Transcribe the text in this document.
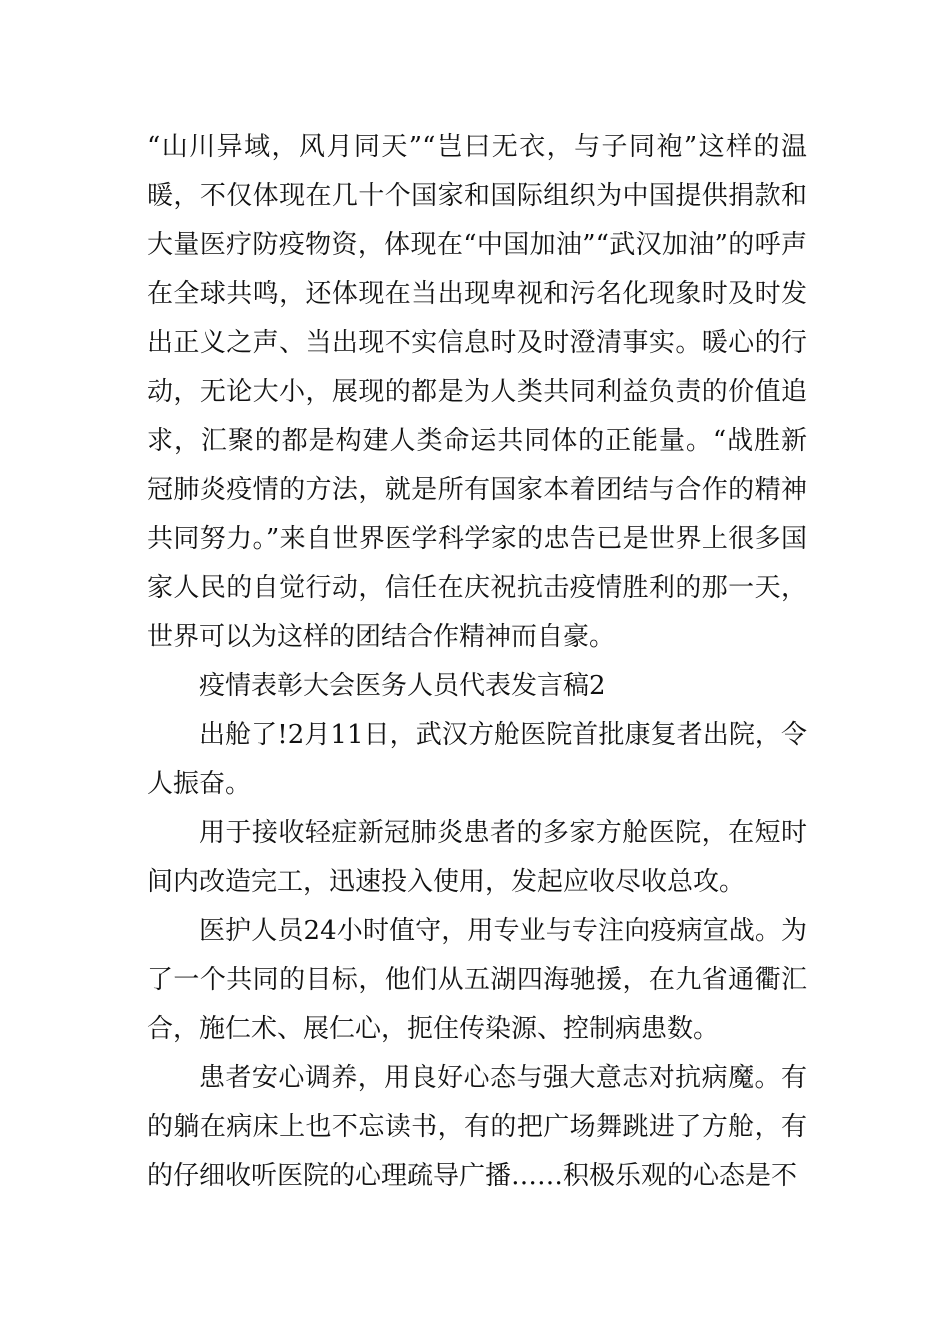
“山川异域，风月同天”“岂曰无衣，与子同袍”这样的温暖，不仅体现在几十个国家和国际组织为中国提供捐款和大量医疗防疫物资，体现在“中国加油”“武汉加油”的呼声在全球共鸣，还体现在当出现卑视和污名化现象时及时发出正义之声、当出现不实信息时及时澄清事实。暖心的行动，无论大小，展现的都是为人类共同利益负责的价值追求，汇聚的都是构建人类命运共同体的正能量。“战胜新冠肺炎疫情的方法，就是所有国家本着团结与合作的精神共同努力。”来自世界医学科学家的忠告已是世界上很多国家人民的自觉行动，信任在庆祝抗击疫情胜利的那一天，世界可以为这样的团结合作精神而自豪。

疫情表彰大会医务人员代表发言稿2

出舱了!2月11日，武汉方舱医院首批康复者出院，令人振奋。

用于接收轻症新冠肺炎患者的多家方舱医院，在短时间内改造完工，迅速投入使用，发起应收尽收总攻。

医护人员24小时值守，用专业与专注向疫病宣战。为了一个共同的目标，他们从五湖四海驰援，在九省通衢汇合，施仁术、展仁心，扼住传染源、控制病患数。

患者安心调养，用良好心态与强大意志对抗病魔。有的躺在病床上也不忘读书，有的把广场舞跳进了方舱，有的仔细收听医院的心理疏导广播……积极乐观的心态是不
